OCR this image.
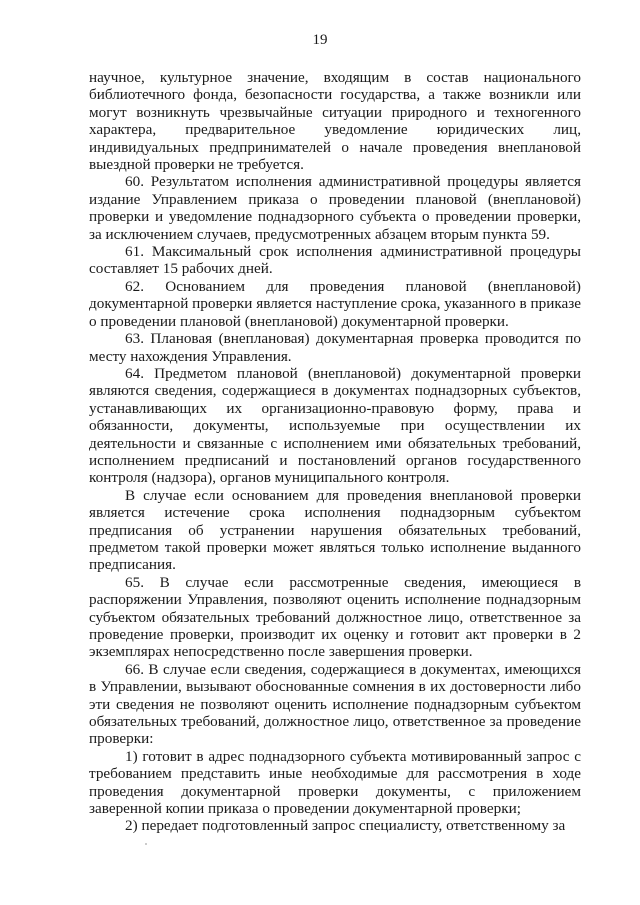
19

научное, культурное значение, входящим в состав национального библиотечного фонда, безопасности государства, а также возникли или могут возникнуть чрезвычайные ситуации природного и техногенного характера, предварительное уведомление юридических лиц, индивидуальных предпринимателей о начале проведения внеплановой выездной проверки не требуется.

60. Результатом исполнения административной процедуры является издание Управлением приказа о проведении плановой (внеплановой) проверки и уведомление поднадзорного субъекта о проведении проверки, за исключением случаев, предусмотренных абзацем вторым пункта 59.

61. Максимальный срок исполнения административной процедуры составляет 15 рабочих дней.

62. Основанием для проведения плановой (внеплановой) документарной проверки является наступление срока, указанного в приказе о проведении плановой (внеплановой) документарной проверки.

63. Плановая (внеплановая) документарная проверка проводится по месту нахождения Управления.

64. Предметом плановой (внеплановой) документарной проверки являются сведения, содержащиеся в документах поднадзорных субъектов, устанавливающих их организационно-правовую форму, права и обязанности, документы, используемые при осуществлении их деятельности и связанные с исполнением ими обязательных требований, исполнением предписаний и постановлений органов государственного контроля (надзора), органов муниципального контроля.

В случае если основанием для проведения внеплановой проверки является истечение срока исполнения поднадзорным субъектом предписания об устранении нарушения обязательных требований, предметом такой проверки может являться только исполнение выданного предписания.

65. В случае если рассмотренные сведения, имеющиеся в распоряжении Управления, позволяют оценить исполнение поднадзорным субъектом обязательных требований должностное лицо, ответственное за проведение проверки, производит их оценку и готовит акт проверки в 2 экземплярах непосредственно после завершения проверки.

66. В случае если сведения, содержащиеся в документах, имеющихся в Управлении, вызывают обоснованные сомнения в их достоверности либо эти сведения не позволяют оценить исполнение поднадзорным субъектом обязательных требований, должностное лицо, ответственное за проведение проверки:

1) готовит в адрес поднадзорного субъекта мотивированный запрос с требованием представить иные необходимые для рассмотрения в ходе проведения документарной проверки документы, с приложением заверенной копии приказа о проведении документарной проверки;

2) передает подготовленный запрос специалисту, ответственному за
